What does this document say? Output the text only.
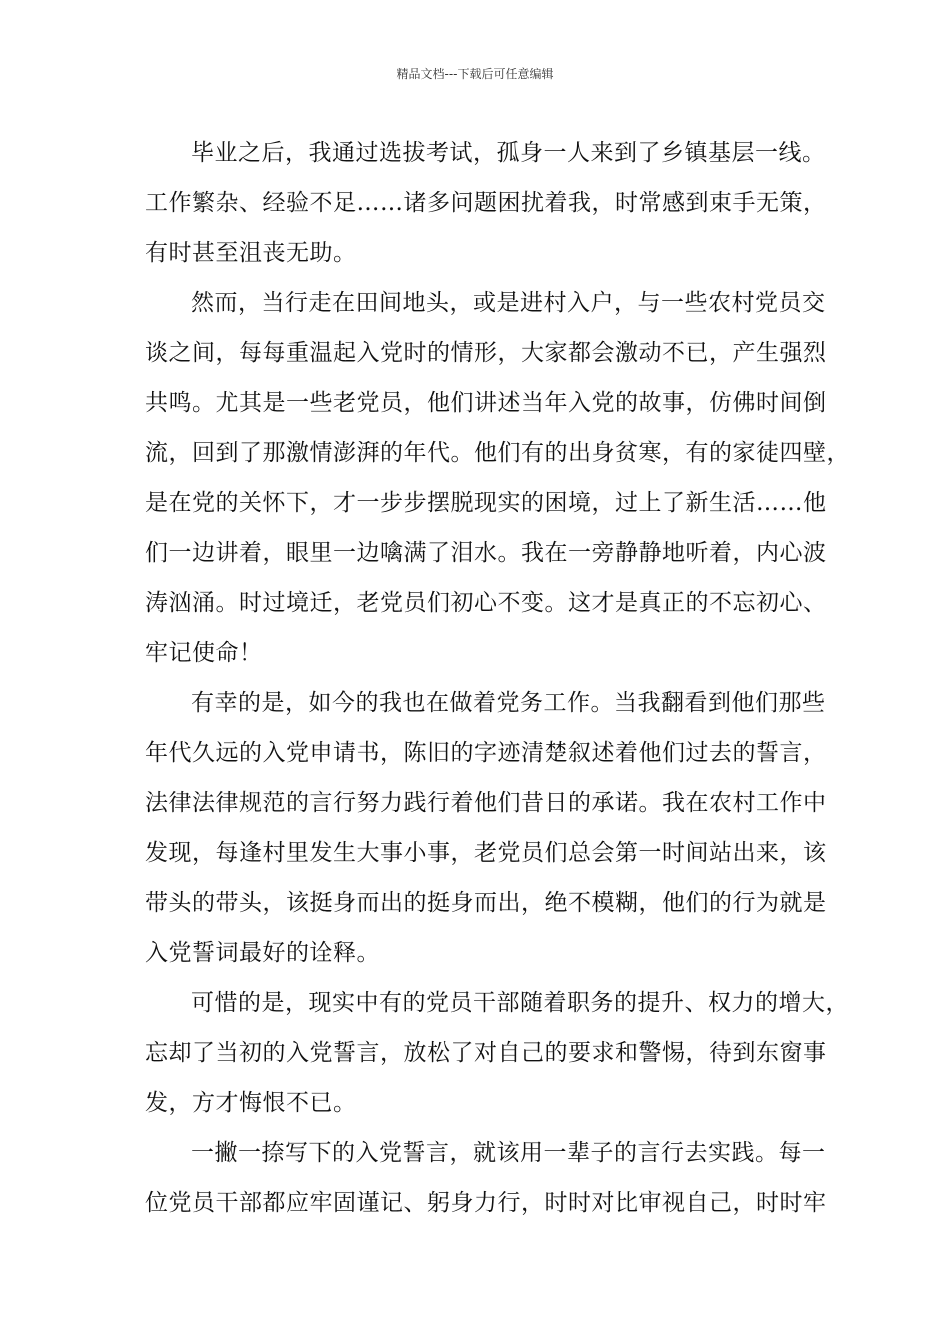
精品文档---下载后可任意编辑

毕业之后，我通过选拔考试，孤身一人来到了乡镇基层一线。
工作繁杂、经验不足……诸多问题困扰着我，时常感到束手无策，
有时甚至沮丧无助。

然而，当行走在田间地头，或是进村入户，与一些农村党员交
谈之间，每每重温起入党时的情形，大家都会激动不已，产生强烈
共鸣。尤其是一些老党员，他们讲述当年入党的故事，仿佛时间倒
流，回到了那激情澎湃的年代。他们有的出身贫寒，有的家徒四壁，
是在党的关怀下，才一步步摆脱现实的困境，过上了新生活……他
们一边讲着，眼里一边噙满了泪水。我在一旁静静地听着，内心波
涛汹涌。时过境迁，老党员们初心不变。这才是真正的不忘初心、
牢记使命！

有幸的是，如今的我也在做着党务工作。当我翻看到他们那些
年代久远的入党申请书，陈旧的字迹清楚叙述着他们过去的誓言，
法律法律规范的言行努力践行着他们昔日的承诺。我在农村工作中
发现，每逢村里发生大事小事，老党员们总会第一时间站出来，该
带头的带头，该挺身而出的挺身而出，绝不模糊，他们的行为就是
入党誓词最好的诠释。

可惜的是，现实中有的党员干部随着职务的提升、权力的增大，
忘却了当初的入党誓言，放松了对自己的要求和警惕，待到东窗事
发，方才悔恨不已。

一撇一捺写下的入党誓言，就该用一辈子的言行去实践。每一
位党员干部都应牢固谨记、躬身力行，时时对比审视自己，时时牢
